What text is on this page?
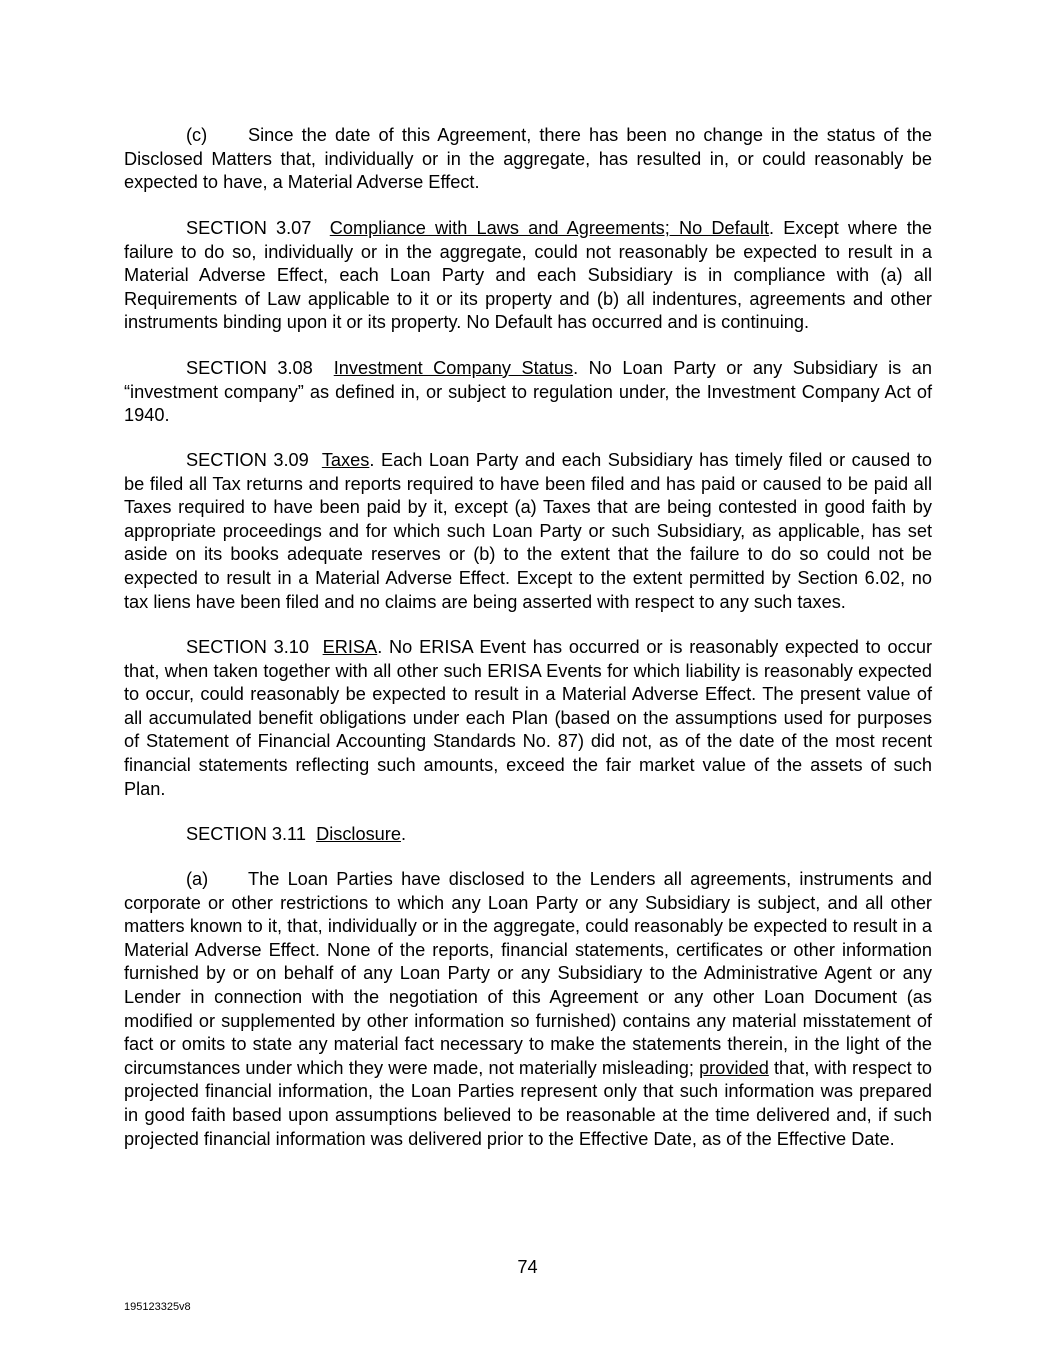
(c) Since the date of this Agreement, there has been no change in the status of the Disclosed Matters that, individually or in the aggregate, has resulted in, or could reasonably be expected to have, a Material Adverse Effect.

SECTION 3.07 Compliance with Laws and Agreements; No Default. Except where the failure to do so, individually or in the aggregate, could not reasonably be expected to result in a Material Adverse Effect, each Loan Party and each Subsidiary is in compliance with (a) all Requirements of Law applicable to it or its property and (b) all indentures, agreements and other instruments binding upon it or its property. No Default has occurred and is continuing.

SECTION 3.08 Investment Company Status. No Loan Party or any Subsidiary is an “investment company” as defined in, or subject to regulation under, the Investment Company Act of 1940.

SECTION 3.09 Taxes. Each Loan Party and each Subsidiary has timely filed or caused to be filed all Tax returns and reports required to have been filed and has paid or caused to be paid all Taxes required to have been paid by it, except (a) Taxes that are being contested in good faith by appropriate proceedings and for which such Loan Party or such Subsidiary, as applicable, has set aside on its books adequate reserves or (b) to the extent that the failure to do so could not be expected to result in a Material Adverse Effect. Except to the extent permitted by Section 6.02, no tax liens have been filed and no claims are being asserted with respect to any such taxes.

SECTION 3.10 ERISA. No ERISA Event has occurred or is reasonably expected to occur that, when taken together with all other such ERISA Events for which liability is reasonably expected to occur, could reasonably be expected to result in a Material Adverse Effect. The present value of all accumulated benefit obligations under each Plan (based on the assumptions used for purposes of Statement of Financial Accounting Standards No. 87) did not, as of the date of the most recent financial statements reflecting such amounts, exceed the fair market value of the assets of such Plan.

SECTION 3.11 Disclosure.

(a) The Loan Parties have disclosed to the Lenders all agreements, instruments and corporate or other restrictions to which any Loan Party or any Subsidiary is subject, and all other matters known to it, that, individually or in the aggregate, could reasonably be expected to result in a Material Adverse Effect. None of the reports, financial statements, certificates or other information furnished by or on behalf of any Loan Party or any Subsidiary to the Administrative Agent or any Lender in connection with the negotiation of this Agreement or any other Loan Document (as modified or supplemented by other information so furnished) contains any material misstatement of fact or omits to state any material fact necessary to make the statements therein, in the light of the circumstances under which they were made, not materially misleading; provided that, with respect to projected financial information, the Loan Parties represent only that such information was prepared in good faith based upon assumptions believed to be reasonable at the time delivered and, if such projected financial information was delivered prior to the Effective Date, as of the Effective Date.

74
195123325v8
